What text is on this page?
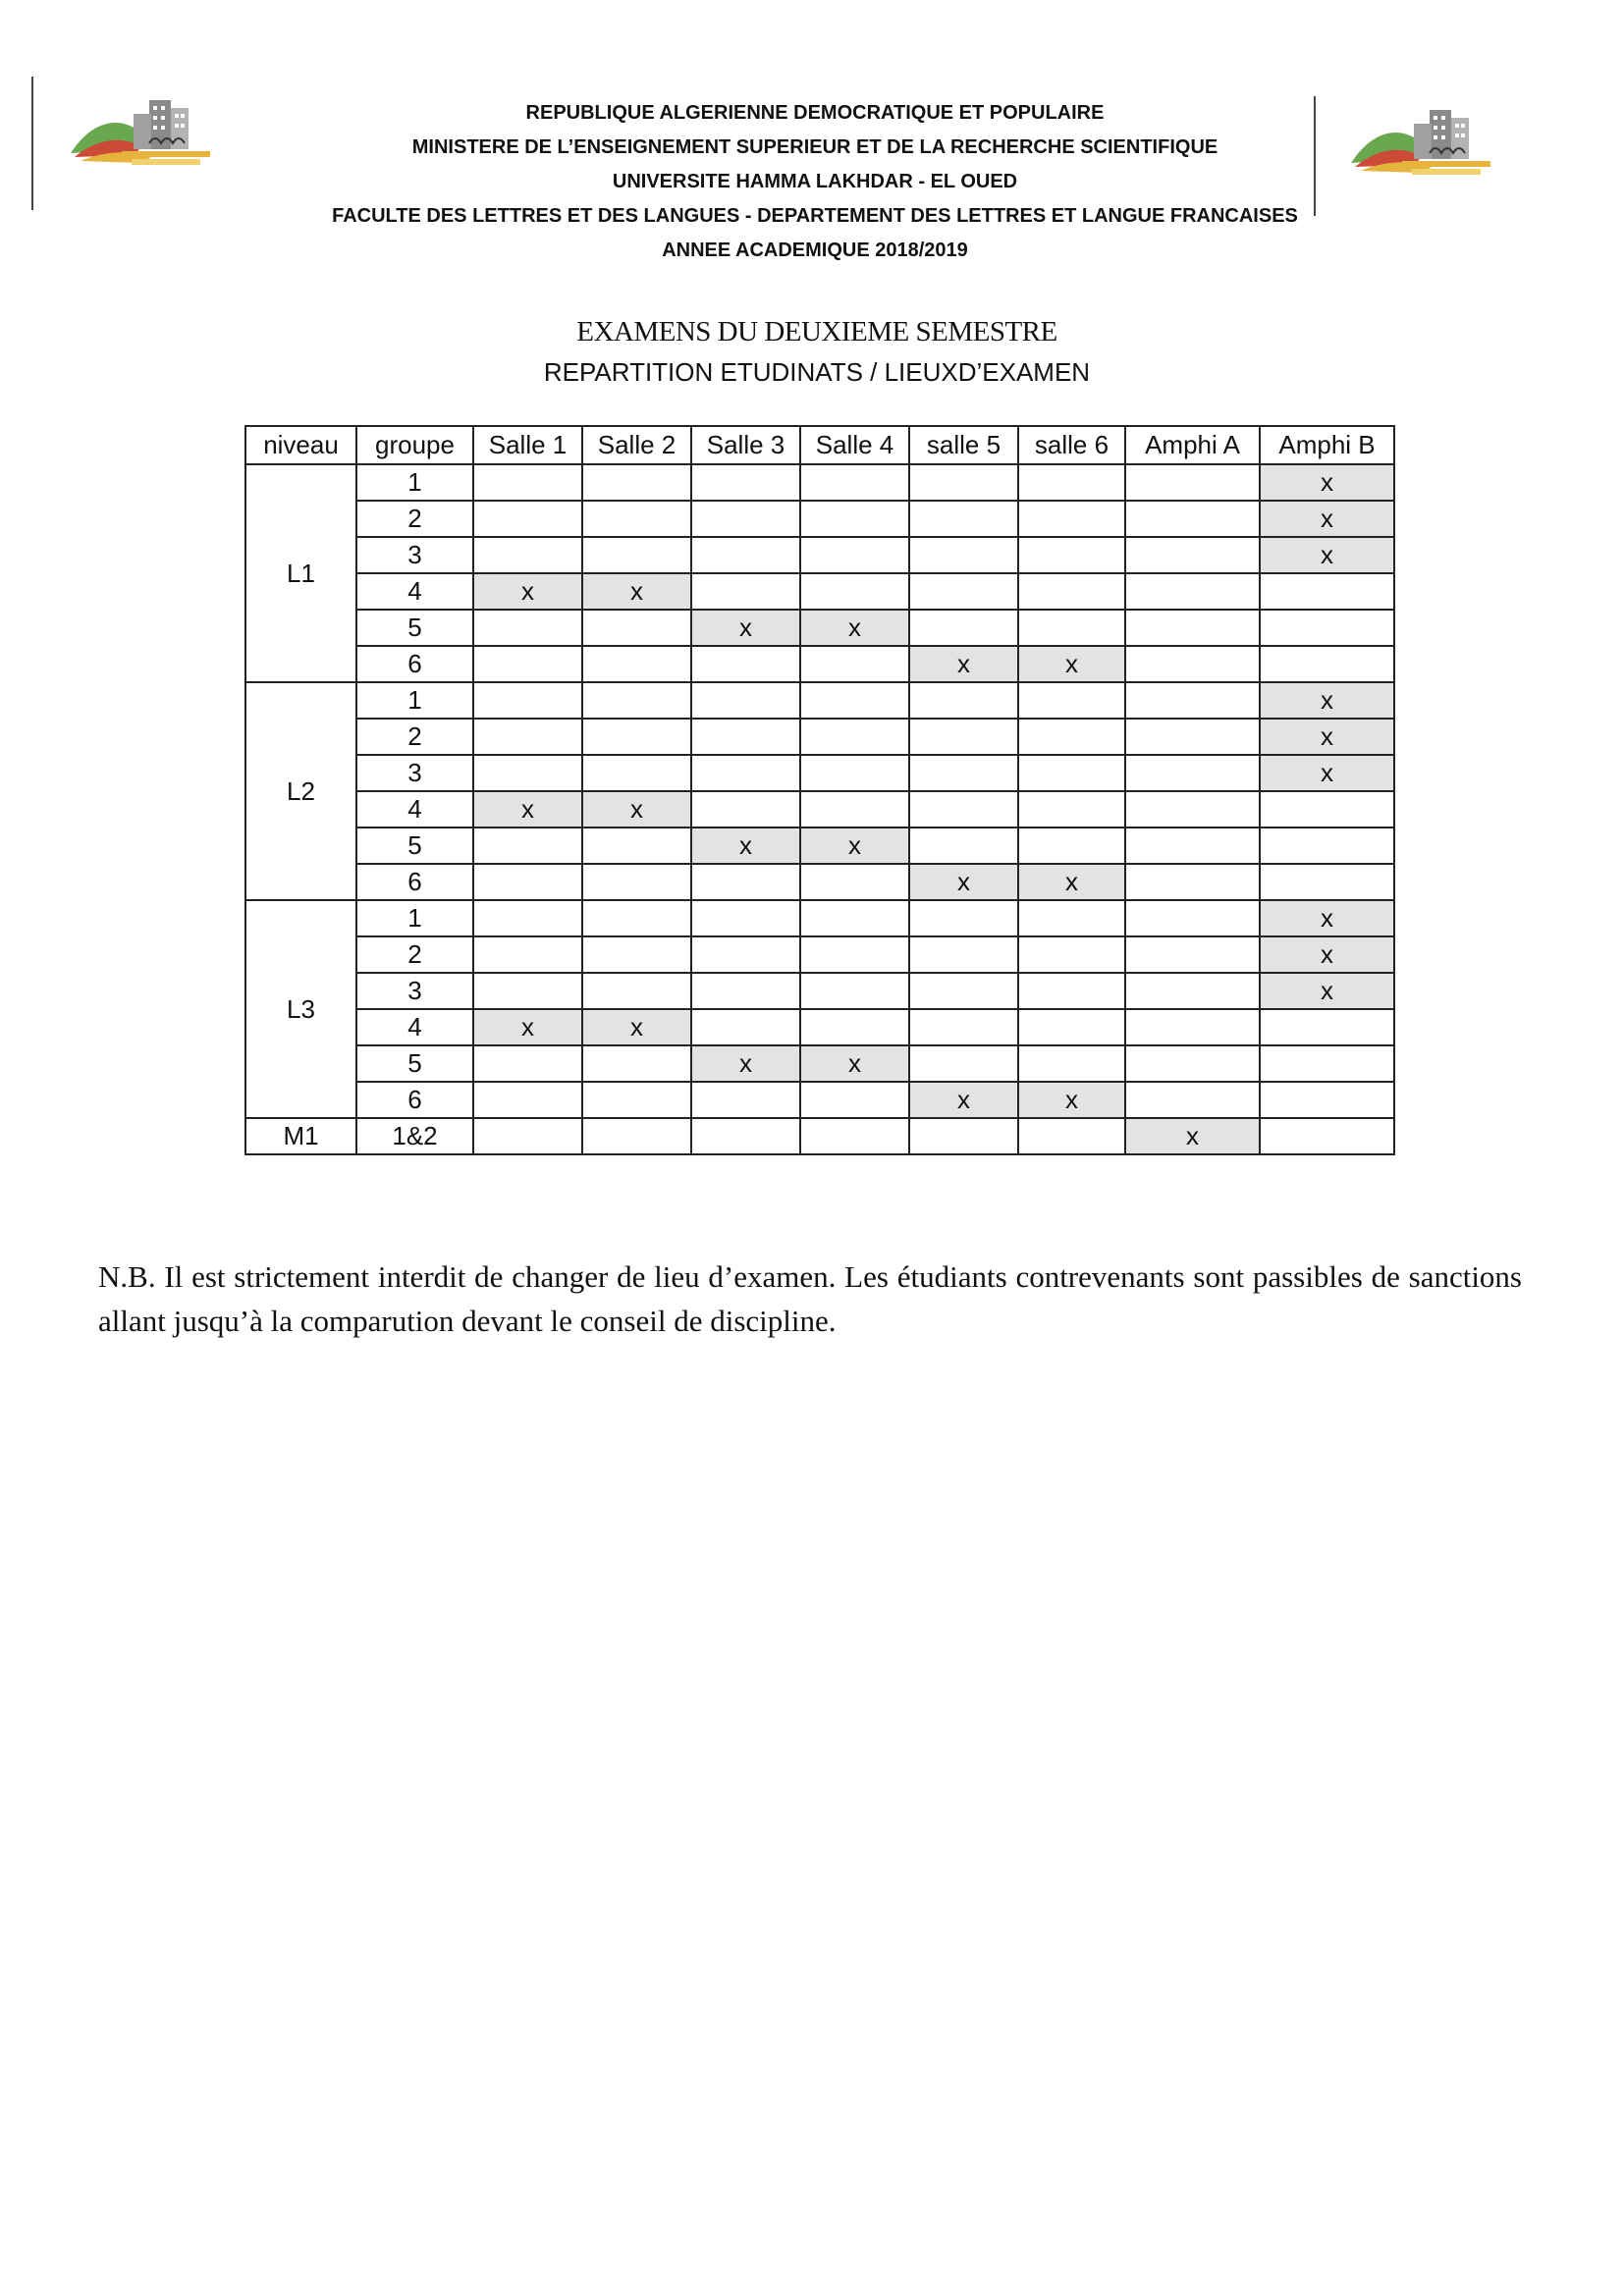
REPUBLIQUE ALGERIENNE DEMOCRATIQUE ET POPULAIRE
MINISTERE DE L’ENSEIGNEMENT SUPERIEUR ET DE LA RECHERCHE SCIENTIFIQUE
UNIVERSITE HAMMA LAKHDAR - EL OUED
FACULTE DES LETTRES ET DES LANGUES - DEPARTEMENT DES LETTRES ET LANGUE FRANCAISES
ANNEE ACADEMIQUE 2018/2019
EXAMENS DU DEUXIEME SEMESTRE
REPARTITION ETUDINATS / LIEUXD’EXAMEN
niveau	groupe	Salle 1	Salle 2	Salle 3	Salle 4	salle 5	salle 6	Amphi A	Amphi B
L1	1								x
	2								x
	3								x
	4	x	x						
	5			x	x				
	6					x	x		
L2	1								x
	2								x
	3								x
	4	x	x						
	5			x	x				
	6					x	x		
L3	1								x
	2								x
	3								x
	4	x	x						
	5			x	x				
	6					x	x		
M1	1&2							x	
N.B. Il est strictement interdit de changer de lieu d’examen. Les étudiants contrevenants sont passibles de sanctions allant jusqu’à la comparution devant le conseil de discipline.
